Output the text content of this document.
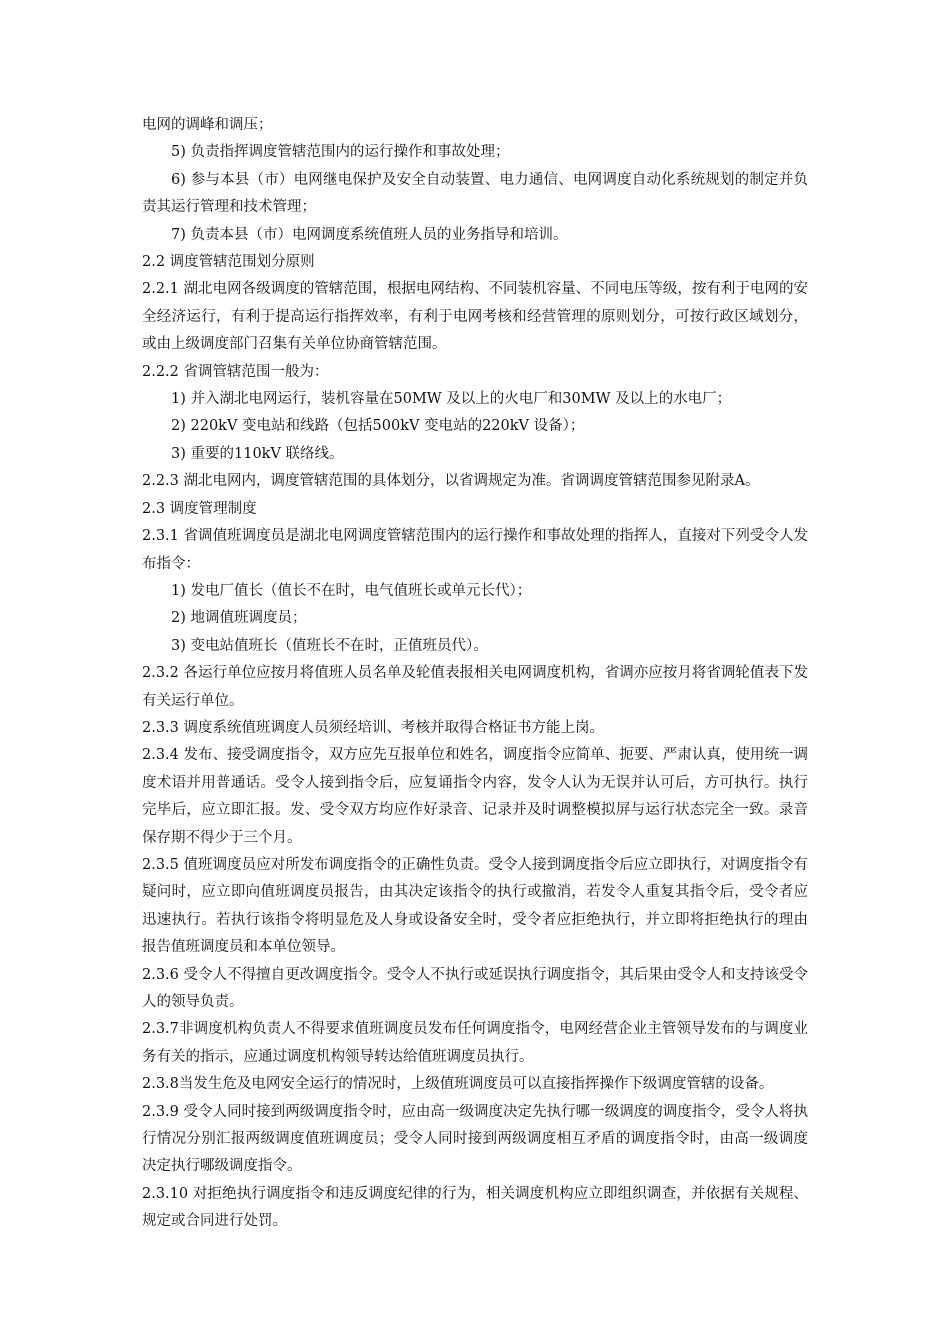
电网的调峰和调压；

5) 负责指挥调度管辖范围内的运行操作和事故处理；

6) 参与本县（市）电网继电保护及安全自动装置、电力通信、电网调度自动化系统规划的制定并负责其运行管理和技术管理；

7) 负责本县（市）电网调度系统值班人员的业务指导和培训。

2.2 调度管辖范围划分原则

2.2.1 湖北电网各级调度的管辖范围，根据电网结构、不同装机容量、不同电压等级，按有利于电网的安全经济运行，有利于提高运行指挥效率，有利于电网考核和经营管理的原则划分，可按行政区域划分，或由上级调度部门召集有关单位协商管辖范围。

2.2.2 省调管辖范围一般为：

1) 并入湖北电网运行，装机容量在50MW 及以上的火电厂和30MW 及以上的水电厂；

2) 220kV 变电站和线路（包括500kV 变电站的220kV 设备）；

3) 重要的110kV 联络线。

2.2.3 湖北电网内，调度管辖范围的具体划分，以省调规定为准。省调调度管辖范围参见附录A。

2.3 调度管理制度

2.3.1 省调值班调度员是湖北电网调度管辖范围内的运行操作和事故处理的指挥人，直接对下列受令人发布指令：

1) 发电厂值长（值长不在时，电气值班长或单元长代）；

2) 地调值班调度员；

3) 变电站值班长（值班长不在时，正值班员代）。

2.3.2 各运行单位应按月将值班人员名单及轮值表报相关电网调度机构，省调亦应按月将省调轮值表下发有关运行单位。

2.3.3 调度系统值班调度人员须经培训、考核并取得合格证书方能上岗。

2.3.4 发布、接受调度指令，双方应先互报单位和姓名，调度指令应简单、扼要、严肃认真，使用统一调度术语并用普通话。受令人接到指令后，应复诵指令内容，发令人认为无误并认可后，方可执行。执行完毕后，应立即汇报。发、受令双方均应作好录音、记录并及时调整模拟屏与运行状态完全一致。录音保存期不得少于三个月。

2.3.5 值班调度员应对所发布调度指令的正确性负责。受令人接到调度指令后应立即执行，对调度指令有疑问时，应立即向值班调度员报告，由其决定该指令的执行或撤消，若发令人重复其指令后，受令者应迅速执行。若执行该指令将明显危及人身或设备安全时，受令者应拒绝执行，并立即将拒绝执行的理由报告值班调度员和本单位领导。

2.3.6 受令人不得擅自更改调度指令。受令人不执行或延误执行调度指令，其后果由受令人和支持该受令人的领导负责。

2.3.7非调度机构负责人不得要求值班调度员发布任何调度指令，电网经营企业主管领导发布的与调度业务有关的指示，应通过调度机构领导转达给值班调度员执行。

2.3.8当发生危及电网安全运行的情况时，上级值班调度员可以直接指挥操作下级调度管辖的设备。

2.3.9 受令人同时接到两级调度指令时，应由高一级调度决定先执行哪一级调度的调度指令，受令人将执行情况分别汇报两级调度值班调度员；受令人同时接到两级调度相互矛盾的调度指令时，由高一级调度决定执行哪级调度指令。

2.3.10 对拒绝执行调度指令和违反调度纪律的行为，相关调度机构应立即组织调查，并依据有关规程、规定或合同进行处罚。
